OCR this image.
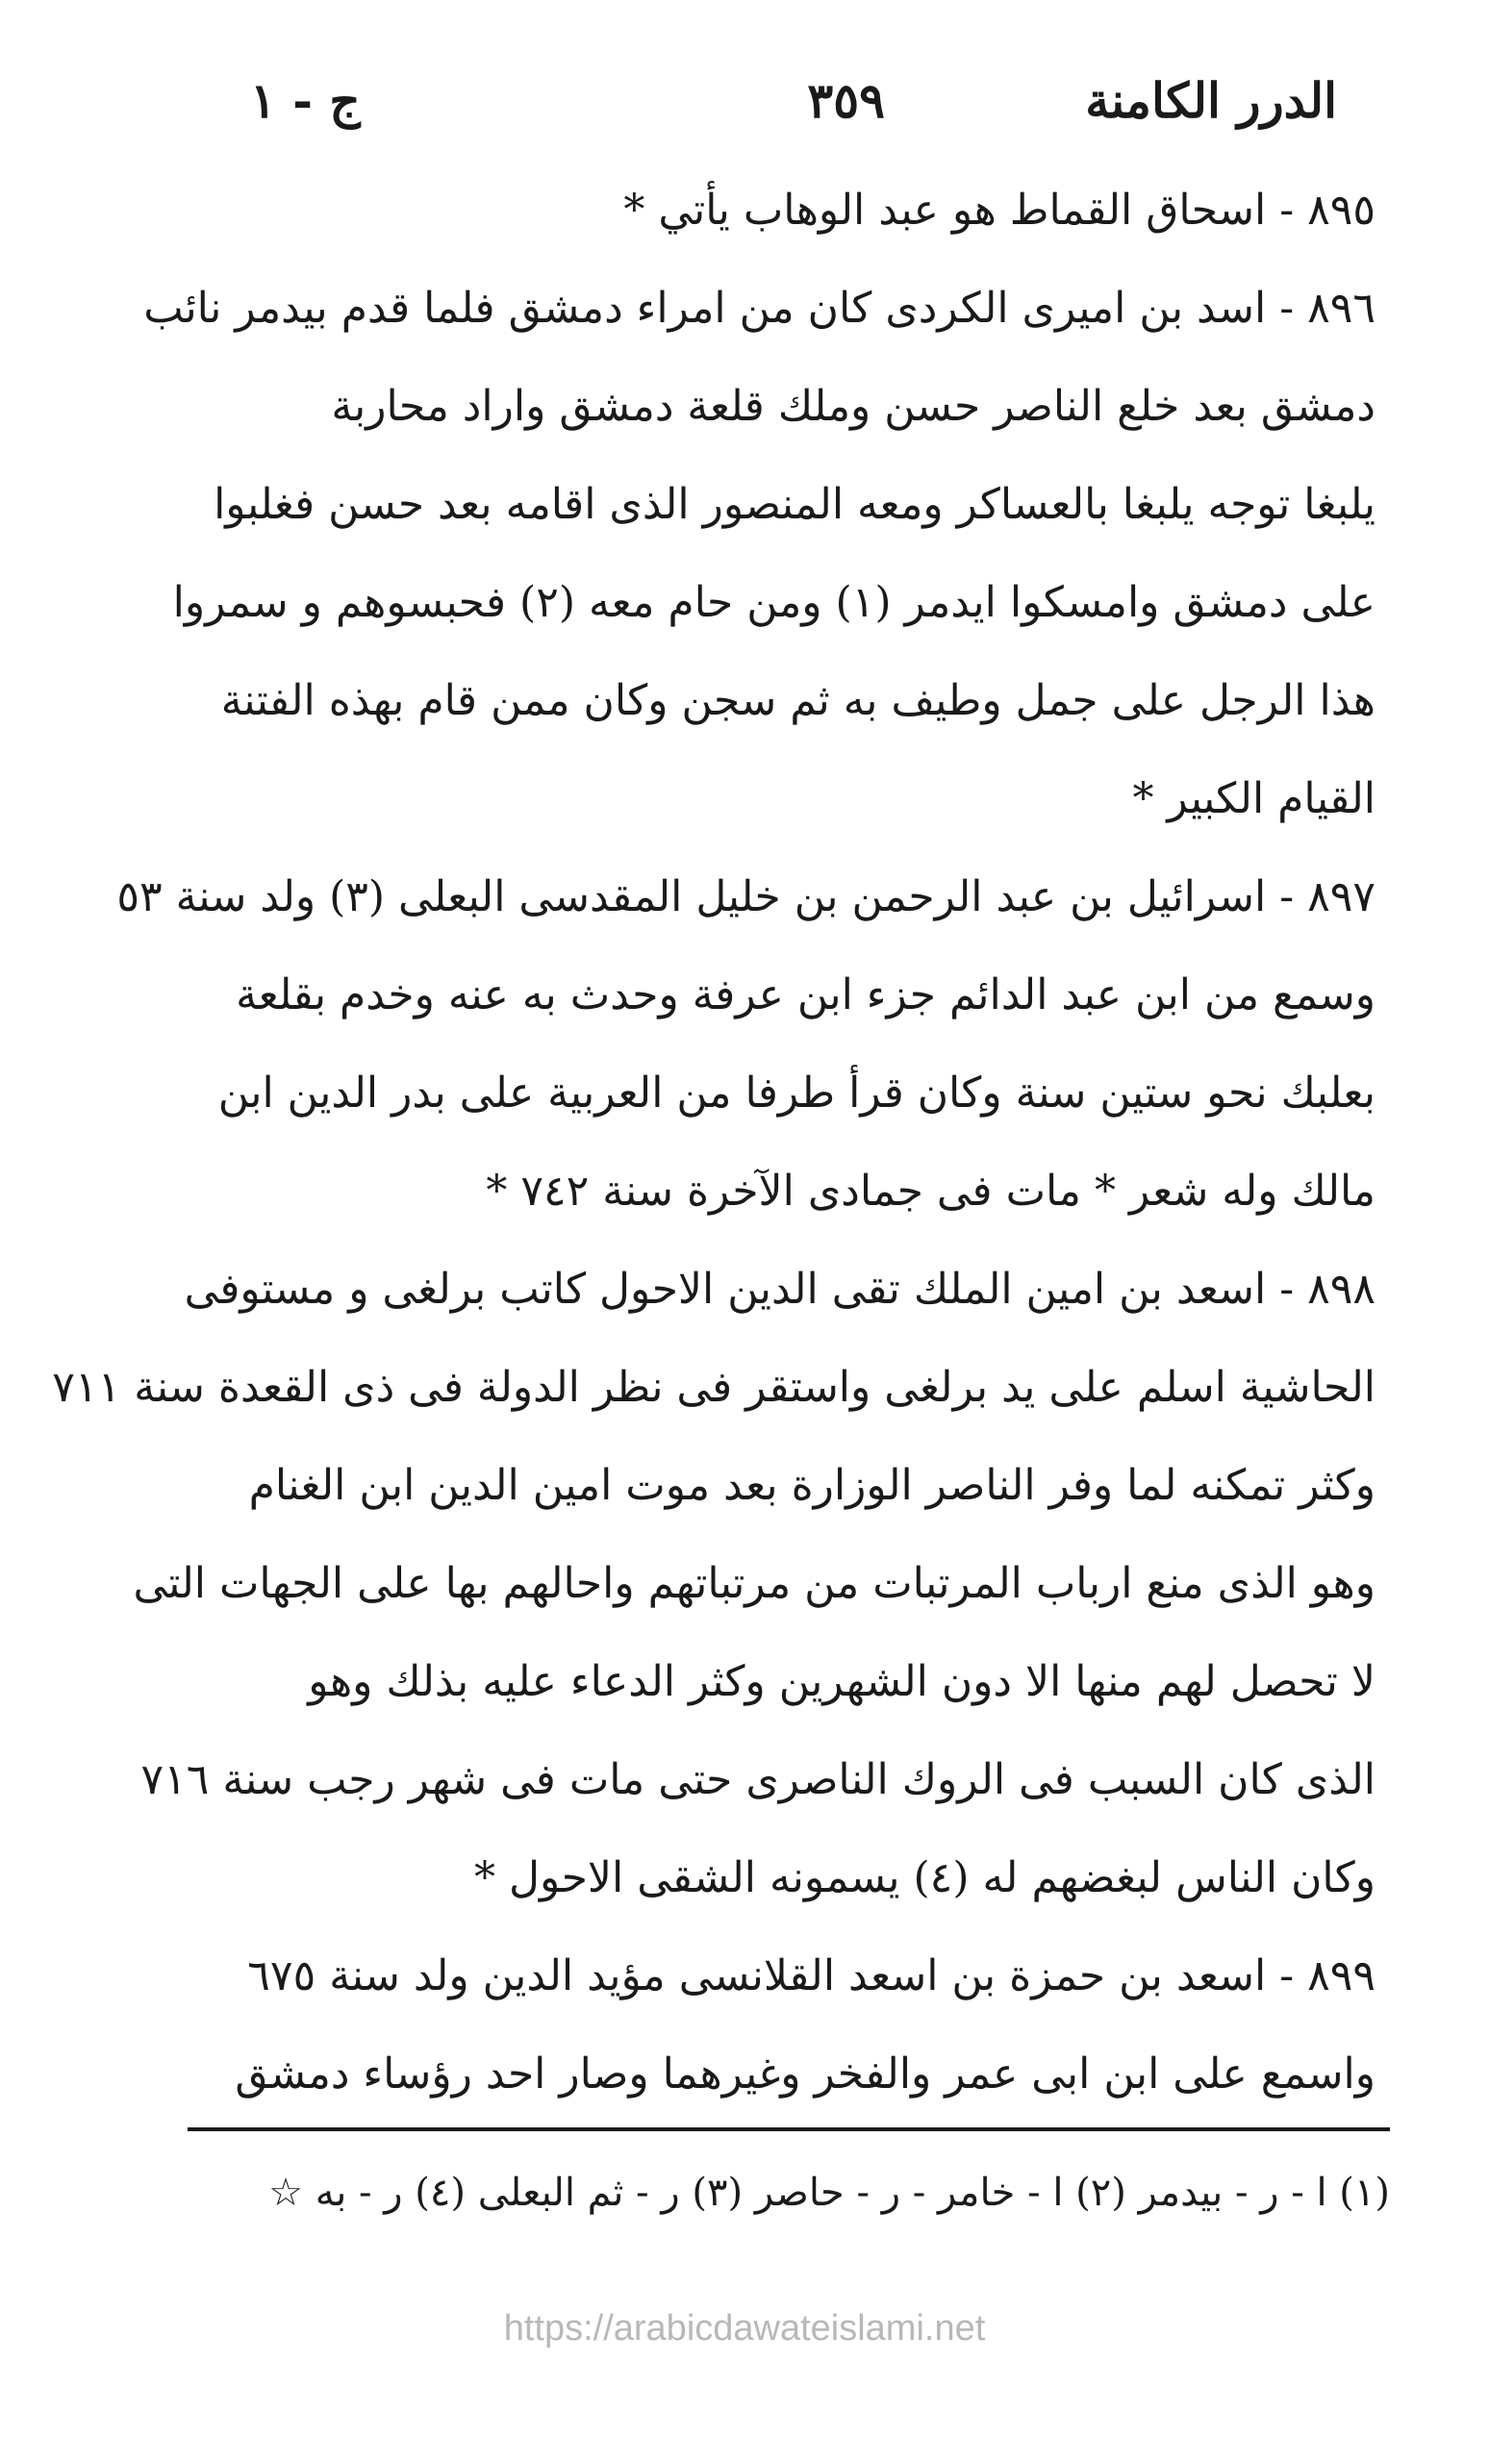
الدرر الكامنة
٣٥٩
ج - ١
٨٩٥ - اسحاق القماط هو عبد الوهاب يأتي *
٨٩٦ - اسد بن اميرى الكردى كان من امراء دمشق فلما قدم بيدمر نائب
دمشق بعد خلع الناصر حسن وملك قلعة دمشق واراد محاربة
يلبغا توجه يلبغا بالعساكر ومعه المنصور الذى اقامه بعد حسن فغلبوا
على دمشق وامسكوا ايدمر (١) ومن حام معه (٢) فحبسوهم و سمروا
هذا الرجل على جمل وطيف به ثم سجن وكان ممن قام بهذه الفتنة
القيام الكبير *
٨٩٧ - اسرائيل بن عبد الرحمن بن خليل المقدسى البعلى (٣) ولد سنة ٥٣
وسمع من ابن عبد الدائم جزء ابن عرفة وحدث به عنه وخدم بقلعة
بعلبك نحو ستين سنة وكان قرأ طرفا من العربية على بدر الدين ابن
مالك وله شعر * مات فى جمادى الآخرة سنة ٧٤٢ *
٨٩٨ - اسعد بن امين الملك تقى الدين الاحول كاتب برلغى و مستوفى
الحاشية اسلم على يد برلغى واستقر فى نظر الدولة فى ذى القعدة سنة ٧١١
وكثر تمكنه لما وفر الناصر الوزارة بعد موت امين الدين ابن الغنام
وهو الذى منع ارباب المرتبات من مرتباتهم واحالهم بها على الجهات التى
لا تحصل لهم منها الا دون الشهرين وكثر الدعاء عليه بذلك وهو
الذى كان السبب فى الروك الناصرى حتى مات فى شهر رجب سنة ٧١٦
وكان الناس لبغضهم له (٤) يسمونه الشقى الاحول *
٨٩٩ - اسعد بن حمزة بن اسعد القلانسى مؤيد الدين ولد سنة ٦٧٥
واسمع على ابن ابى عمر والفخر وغيرهما وصار احد رؤساء دمشق
(١) ا - ر - بيدمر (٢) ا - خامر - ر - حاصر (٣) ر - ثم البعلى (٤) ر - به ☆
https://arabicdawateislami.net
